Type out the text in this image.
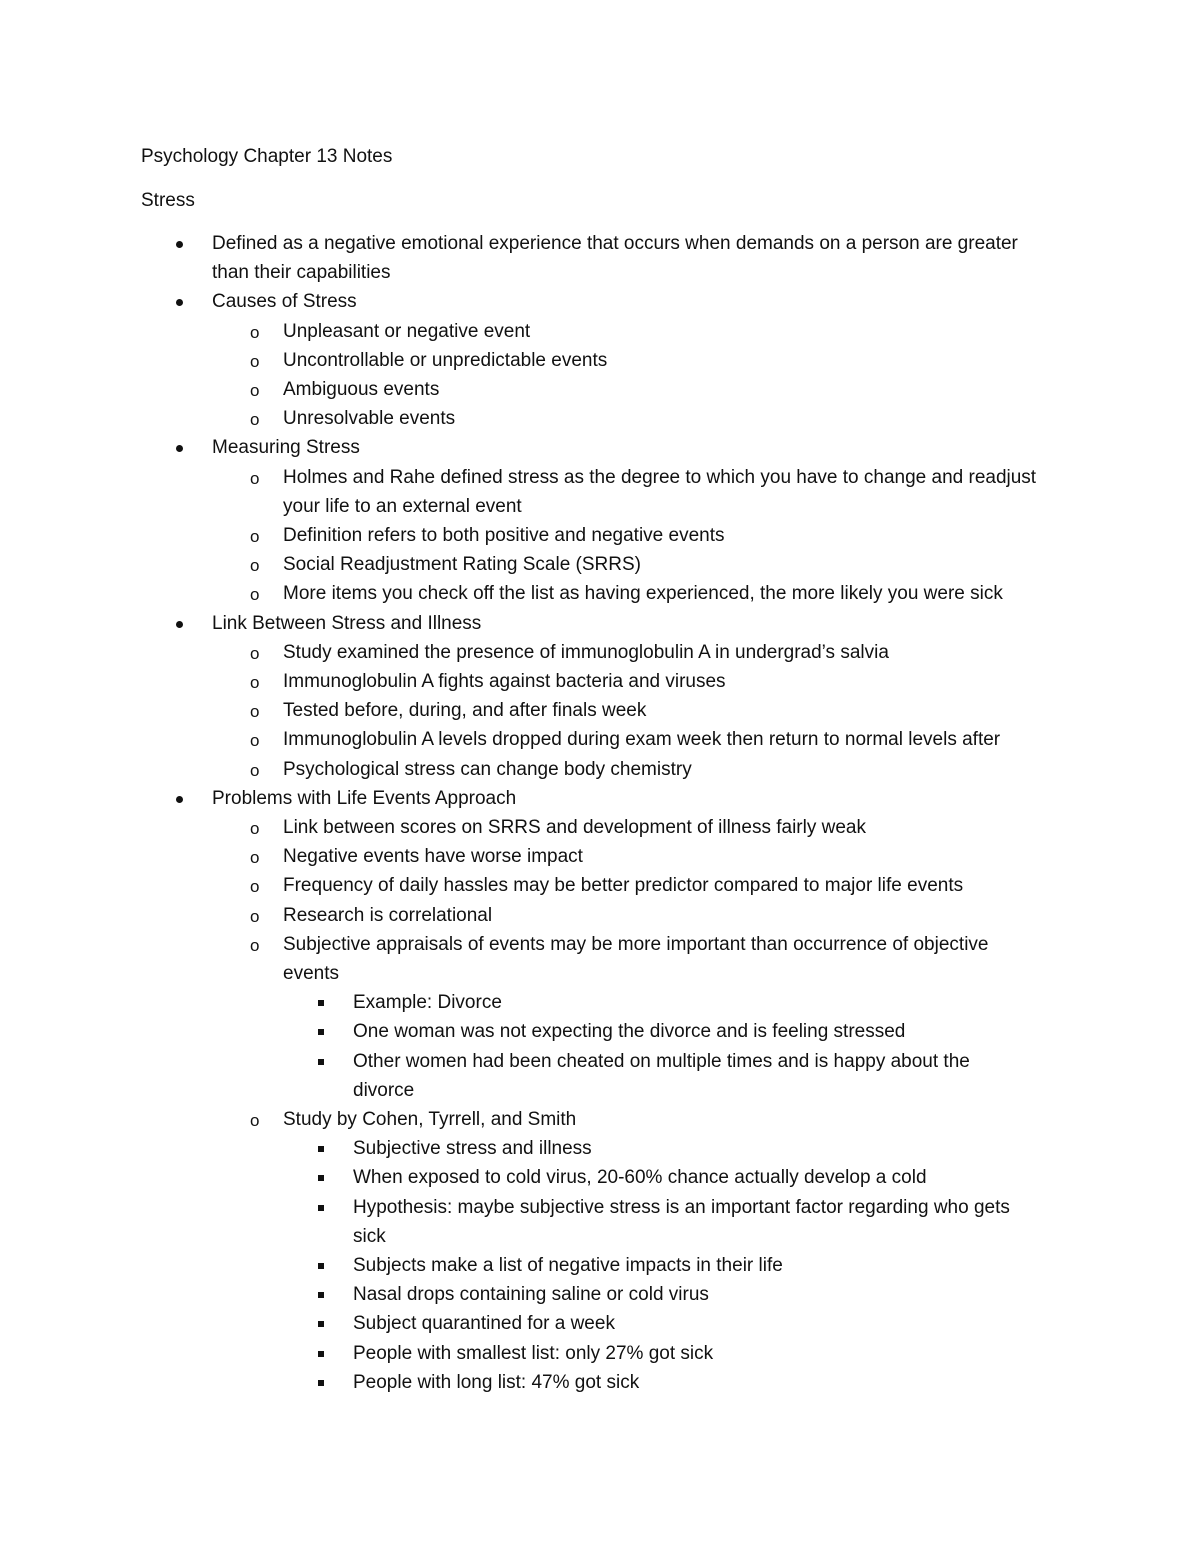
Psychology Chapter 13 Notes
Stress
Defined as a negative emotional experience that occurs when demands on a person are greater
than their capabilities
Causes of Stress
o Unpleasant or negative event
o Uncontrollable or unpredictable events
o Ambiguous events
o Unresolvable events
Measuring Stress
o Holmes and Rahe defined stress as the degree to which you have to change and readjust
your life to an external event
o Definition refers to both positive and negative events
o Social Readjustment Rating Scale (SRRS)
o More items you check off the list as having experienced, the more likely you were sick
Link Between Stress and Illness
o Study examined the presence of immunoglobulin A in undergrad’s salvia
o Immunoglobulin A fights against bacteria and viruses
o Tested before, during, and after finals week
o Immunoglobulin A levels dropped during exam week then return to normal levels after
o Psychological stress can change body chemistry
Problems with Life Events Approach
o Link between scores on SRRS and development of illness fairly weak
o Negative events have worse impact
o Frequency of daily hassles may be better predictor compared to major life events
o Research is correlational
o Subjective appraisals of events may be more important than occurrence of objective
events
Example: Divorce
One woman was not expecting the divorce and is feeling stressed
Other women had been cheated on multiple times and is happy about the
divorce
o Study by Cohen, Tyrrell, and Smith
Subjective stress and illness
When exposed to cold virus, 20-60% chance actually develop a cold
Hypothesis: maybe subjective stress is an important factor regarding who gets
sick
Subjects make a list of negative impacts in their life
Nasal drops containing saline or cold virus
Subject quarantined for a week
People with smallest list: only 27% got sick
People with long list: 47% got sick
